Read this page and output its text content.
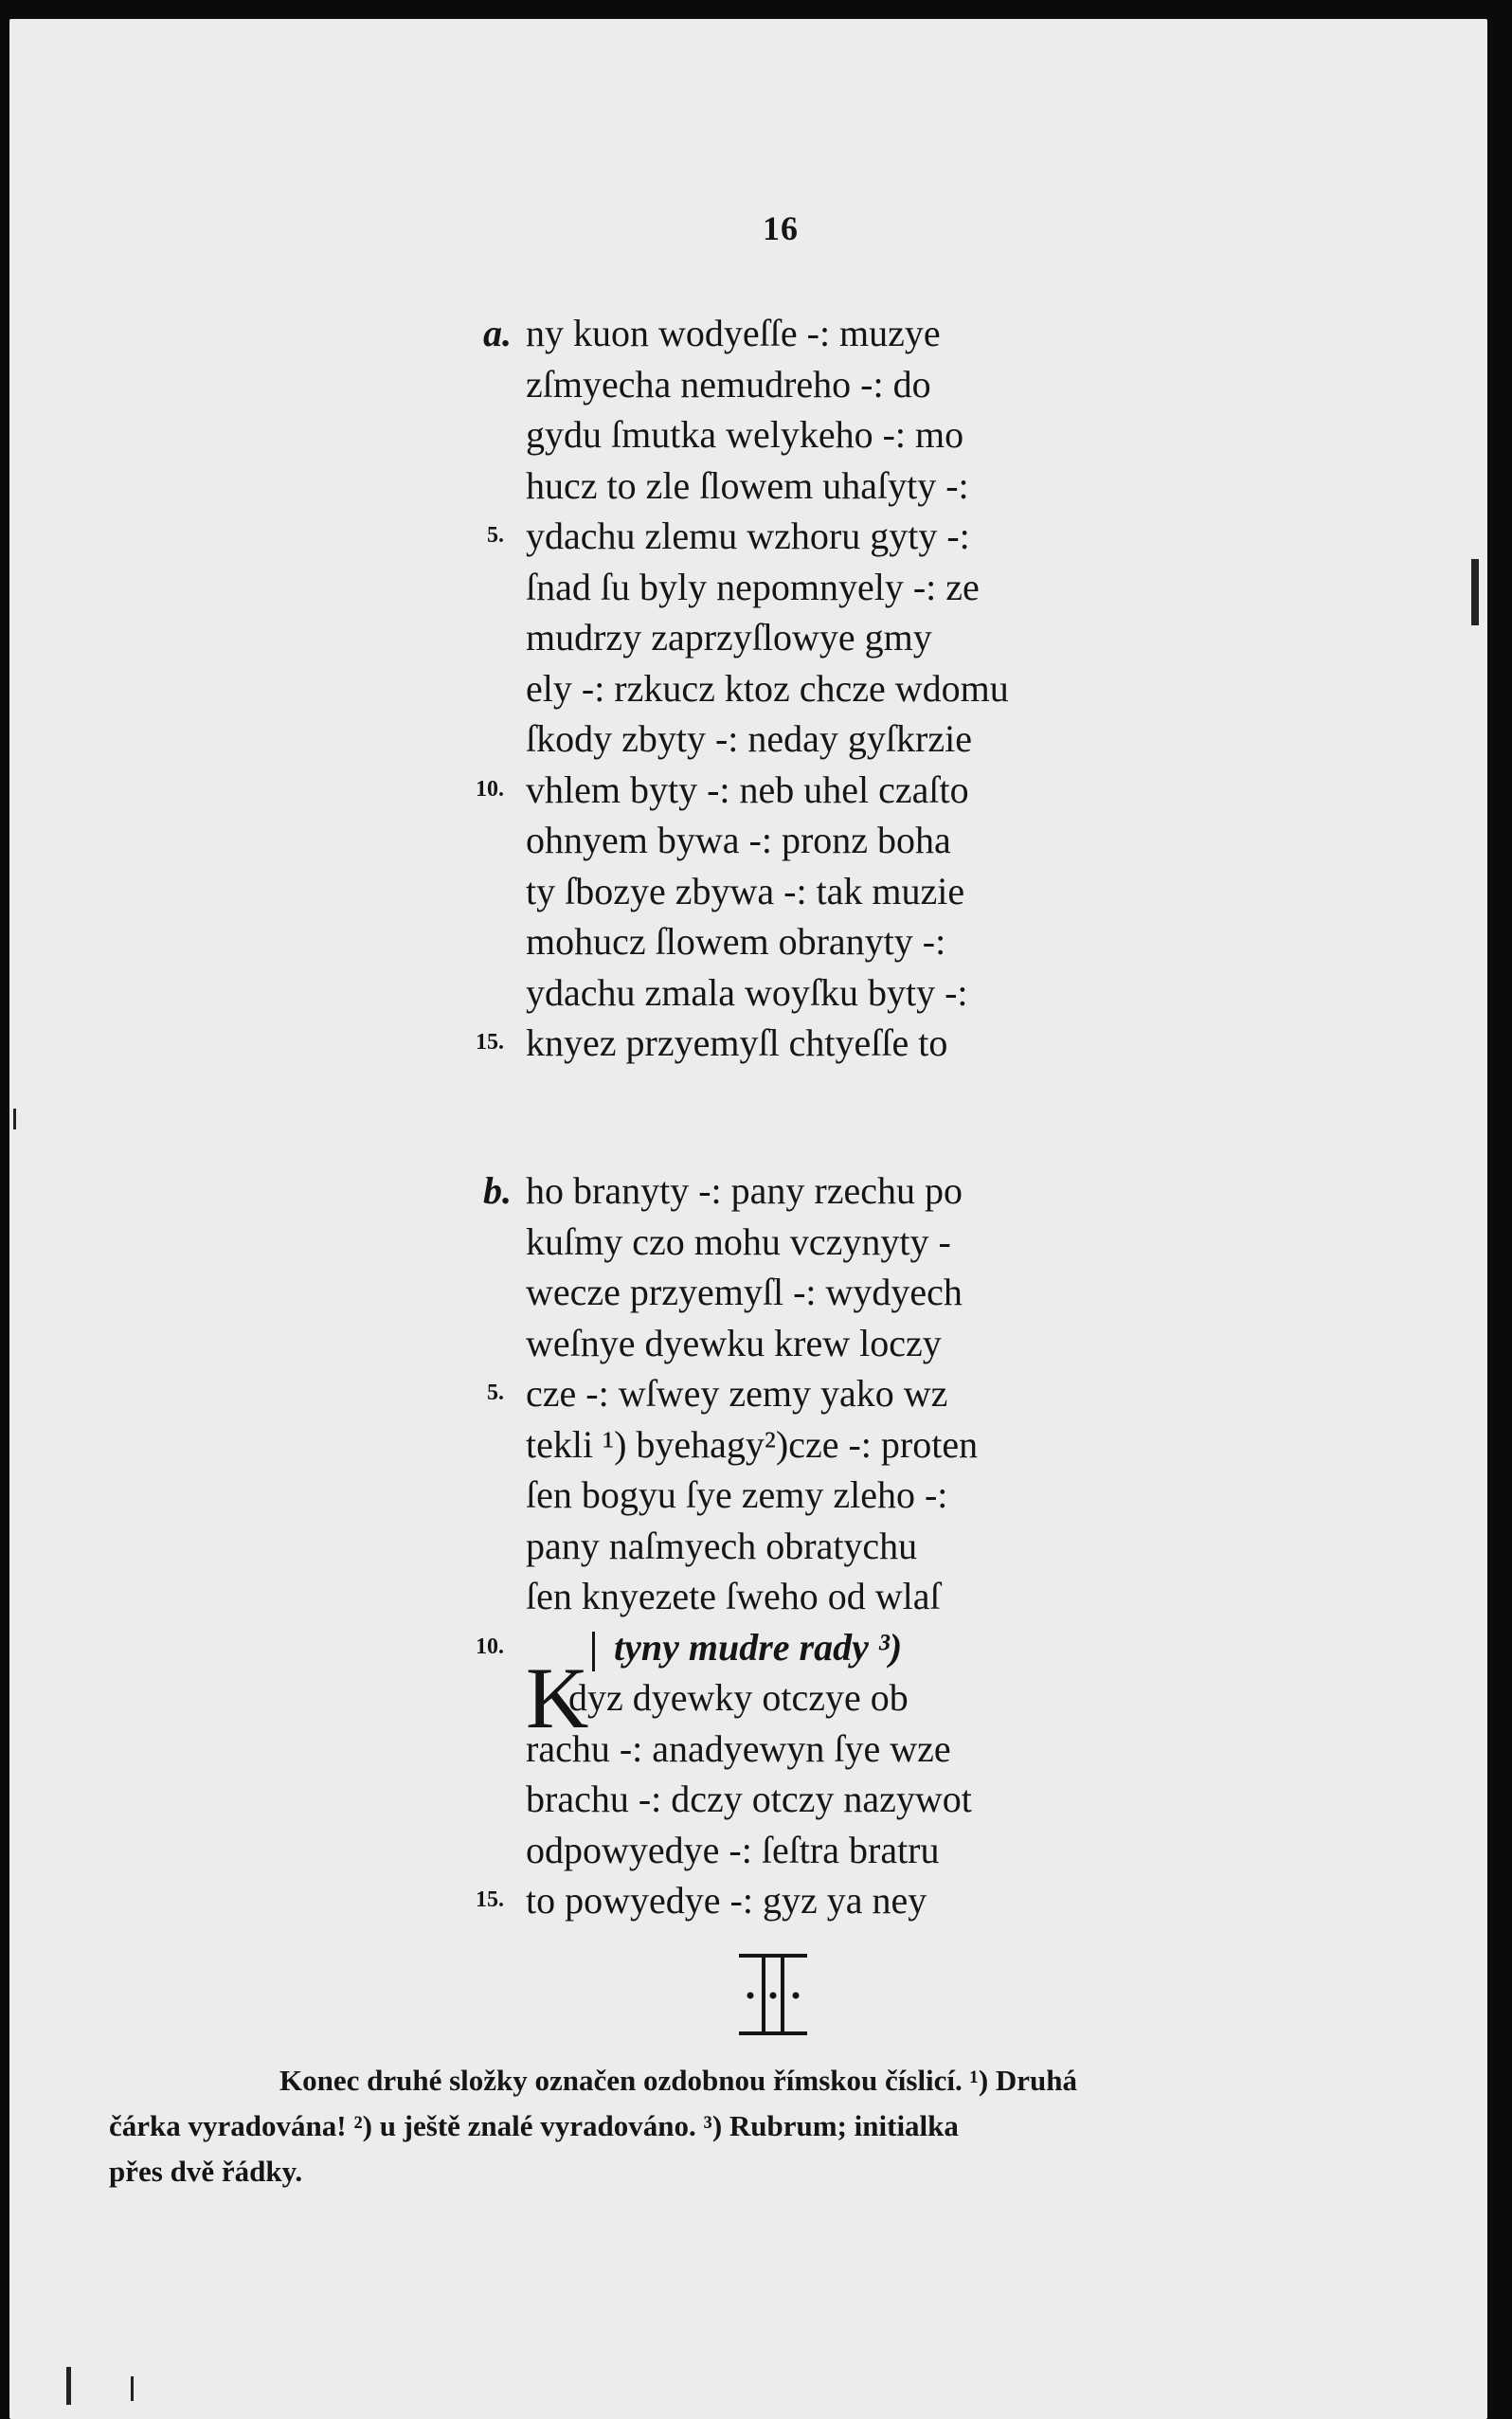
16
a. ny kuon wodyeſſe -: muzye
zſmyecha nemudreho -: do
gydu ſmutka welykeho -: mo
hucz to zle ſlowem uhaſyty -:
5. ydachu zlemu wzhoru gyty -:
ſnad ſu byly nepomnyely -: ze
mudrzy zaprzyſlowye gmy
ely -: rzkucz ktoz chcze wdomu
ſkody zbyty -: neday gyſkrzie
10. vhlem byty -: neb uhel czaſto
ohnyem bywa -: pronz boha
ty ſbozye zbywa -: tak muzie
mohucz ſlowem obranyty -:
ydachu zmala woyſku byty -:
15. knyez przyemyſl chtyeſſe to
b. ho branyty -: pany rzechu po
kuſmy czo mohu vczynyty -
wecze przyemyſl -: wydyech
weſnye dyewku krew loczy
5. cze -: wſwey zemy yako wz
tekli ¹) byehagy²)cze -: proten
ſen bogyu ſye zemy zleho -:
pany naſmyech obratychu
ſen knyezete ſweho od wlaſ
10.
K
tyny mudre rady ³)
dyz dyewky otczye ob
rachu -: anadyewyn ſye wze
brachu -: dczy otczy nazywot
odpowyedye -: ſeſtra bratru
15. to powyedye -: gyz ya ney
Konec druhé složky označen ozdobnou římskou číslicí. ¹) Druhá
čárka vyradována! ²) u ještě znalé vyradováno. ³) Rubrum; initialka
přes dvě řádky.
